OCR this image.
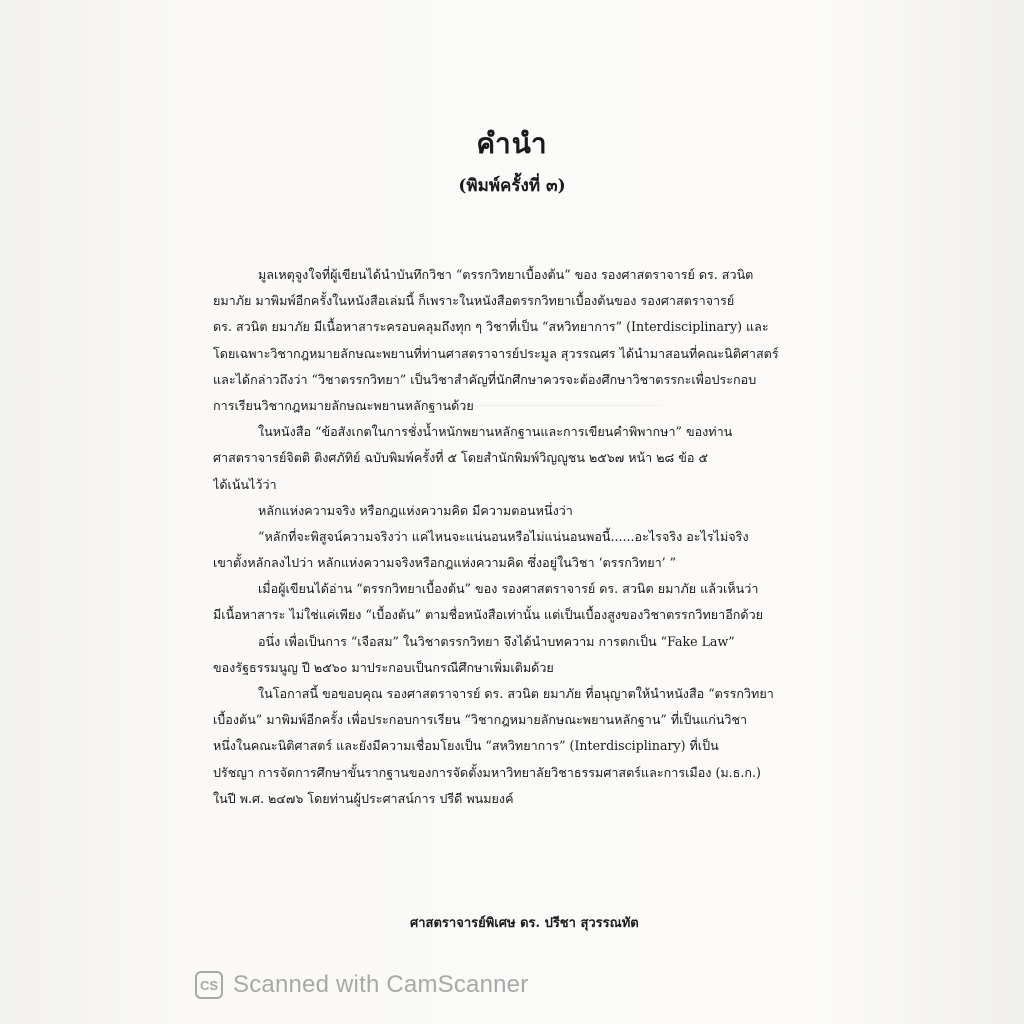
คำนำ
(พิมพ์ครั้งที่ ๓)
มูลเหตุจูงใจที่ผู้เขียนได้นำบันทึกวิชา “ตรรกวิทยาเบื้องต้น” ของ รองศาสตราจารย์ ดร. สวนิต
ยมาภัย มาพิมพ์อีกครั้งในหนังสือเล่มนี้ ก็เพราะในหนังสือตรรกวิทยาเบื้องต้นของ รองศาสตราจารย์
ดร. สวนิต ยมาภัย มีเนื้อหาสาระครอบคลุมถึงทุก ๆ วิชาที่เป็น “สหวิทยาการ” (Interdisciplinary) และ
โดยเฉพาะวิชากฎหมายลักษณะพยานที่ท่านศาสตราจารย์ประมูล สุวรรณศร ได้นำมาสอนที่คณะนิติศาสตร์
และได้กล่าวถึงว่า “วิชาตรรกวิทยา” เป็นวิชาสำคัญที่นักศึกษาควรจะต้องศึกษาวิชาตรรกะเพื่อประกอบ
การเรียนวิชากฎหมายลักษณะพยานหลักฐานด้วย
ในหนังสือ “ข้อสังเกตในการชั่งน้ำหนักพยานหลักฐานและการเขียนคำพิพากษา” ของท่าน
ศาสตราจารย์จิตติ ติงศภัทิย์ ฉบับพิมพ์ครั้งที่ ๕ โดยสำนักพิมพ์วิญญูชน ๒๕๖๗ หน้า ๒๘ ข้อ ๕
ได้เน้นไว้ว่า
หลักแห่งความจริง หรือกฎแห่งความคิด มีความตอนหนึ่งว่า
“หลักที่จะพิสูจน์ความจริงว่า แค่ไหนจะแน่นอนหรือไม่แน่นอนพอนี้......อะไรจริง อะไรไม่จริง
เขาตั้งหลักลงไปว่า หลักแห่งความจริงหรือกฎแห่งความคิด ซึ่งอยู่ในวิชา ‘ตรรกวิทยา’ ”
เมื่อผู้เขียนได้อ่าน “ตรรกวิทยาเบื้องต้น” ของ รองศาสตราจารย์ ดร. สวนิต ยมาภัย แล้วเห็นว่า
มีเนื้อหาสาระ ไม่ใช่แค่เพียง “เบื้องต้น” ตามชื่อหนังสือเท่านั้น แต่เป็นเบื้องสูงของวิชาตรรกวิทยาอีกด้วย
อนึ่ง เพื่อเป็นการ “เจือสม” ในวิชาตรรกวิทยา จึงได้นำบทความ การตกเป็น “Fake Law”
ของรัฐธรรมนูญ ปี ๒๕๖๐ มาประกอบเป็นกรณีศึกษาเพิ่มเติมด้วย
ในโอกาสนี้ ขอขอบคุณ รองศาสตราจารย์ ดร. สวนิต ยมาภัย ที่อนุญาตให้นำหนังสือ “ตรรกวิทยา
เบื้องต้น” มาพิมพ์อีกครั้ง เพื่อประกอบการเรียน “วิชากฎหมายลักษณะพยานหลักฐาน” ที่เป็นแก่นวิชา
หนึ่งในคณะนิติศาสตร์ และยังมีความเชื่อมโยงเป็น “สหวิทยาการ” (Interdisciplinary) ที่เป็น
ปรัชญา การจัดการศึกษาขั้นรากฐานของการจัดตั้งมหาวิทยาลัยวิชาธรรมศาสตร์และการเมือง (ม.ธ.ก.)
ในปี พ.ศ. ๒๔๗๖ โดยท่านผู้ประศาสน์การ ปรีดี พนมยงค์
ศาสตราจารย์พิเศษ ดร. ปรีชา สุวรรณทัต
CS Scanned with CamScanner
